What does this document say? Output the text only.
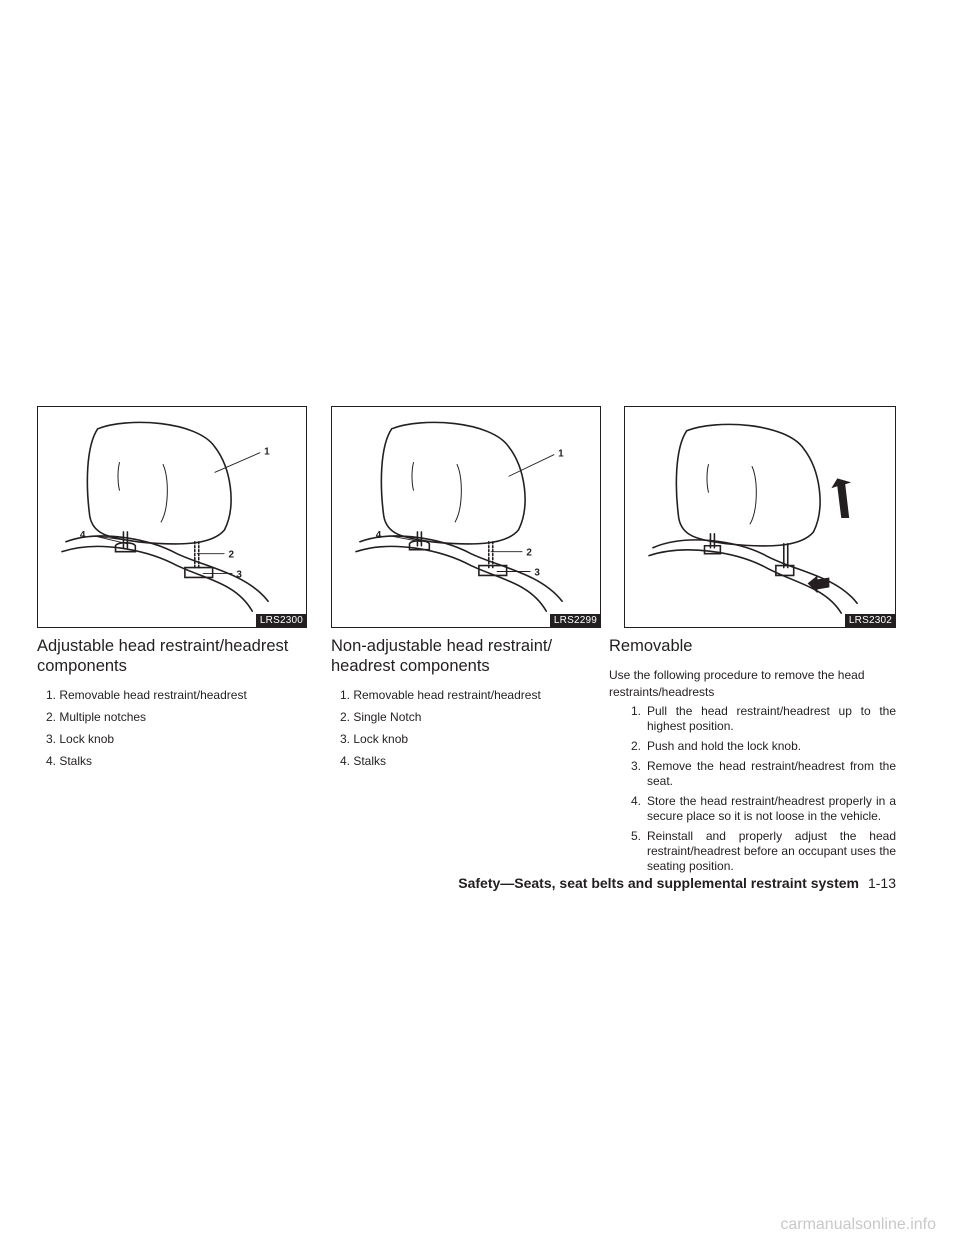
1
4
2
3
LRS2300
1
4
2
3
LRS2299	LRS2302
Adjustable head restraint/headrest
components
1. Removable head restraint/headrest
2. Multiple notches
3. Lock knob
4. Stalks
Non-adjustable head restraint/
headrest components
1. Removable head restraint/headrest
2. Single Notch
3. Lock knob
4. Stalks
Removable

Use the following procedure to remove the head restraints/headrests

1. Pull the head restraint/headrest up to the highest position.
2. Push and hold the lock knob.
3. Remove the head restraint/headrest from the seat.
4. Store the head restraint/headrest properly in a secure place so it is not loose in the vehicle.
5. Reinstall and properly adjust the head restraint/headrest before an occupant uses the seating position.
Safety—Seats, seat belts and supplemental restraint system 1-13
carmanualsonline.info
